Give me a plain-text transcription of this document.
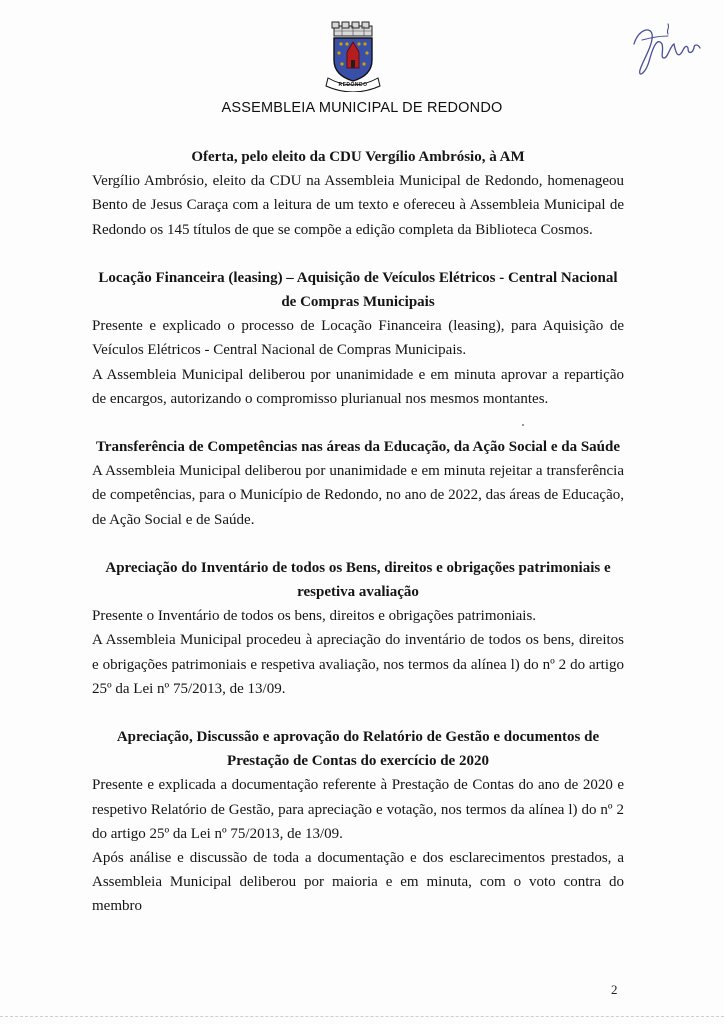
REDONDO
ASSEMBLEIA MUNICIPAL DE REDONDO
Oferta, pelo eleito da CDU Vergílio Ambrósio, à AM

Vergílio Ambrósio, eleito da CDU na Assembleia Municipal de Redondo, homenageou Bento de Jesus Caraça com a leitura de um texto e ofereceu à Assembleia Municipal de Redondo os 145 títulos de que se compõe a edição completa da Biblioteca Cosmos.

Locação Financeira (leasing) – Aquisição de Veículos Elétricos - Central Nacional de Compras Municipais

Presente e explicado o processo de Locação Financeira (leasing), para Aquisição de Veículos Elétricos - Central Nacional de Compras Municipais.

A Assembleia Municipal deliberou por unanimidade e em minuta aprovar a repartição de encargos, autorizando o compromisso plurianual nos mesmos montantes.

Transferência de Competências nas áreas da Educação, da Ação Social e da Saúde

A Assembleia Municipal deliberou por unanimidade e em minuta rejeitar a transferência de competências, para o Município de Redondo, no ano de 2022, das áreas de Educação, de Ação Social e de Saúde.

Apreciação do Inventário de todos os Bens, direitos e obrigações patrimoniais e respetiva avaliação

Presente o Inventário de todos os bens, direitos e obrigações patrimoniais.

A Assembleia Municipal procedeu à apreciação do inventário de todos os bens, direitos e obrigações patrimoniais e respetiva avaliação, nos termos da alínea l) do nº 2 do artigo 25º da Lei nº 75/2013, de 13/09.

Apreciação, Discussão e aprovação do Relatório de Gestão e documentos de Prestação de Contas do exercício de 2020

Presente e explicada a documentação referente à Prestação de Contas do ano de 2020 e respetivo Relatório de Gestão, para apreciação e votação, nos termos da alínea l) do nº 2 do artigo 25º da Lei nº 75/2013, de 13/09.

Após análise e discussão de toda a documentação e dos esclarecimentos prestados, a Assembleia Municipal deliberou por maioria e em minuta, com o voto contra do membro

2
